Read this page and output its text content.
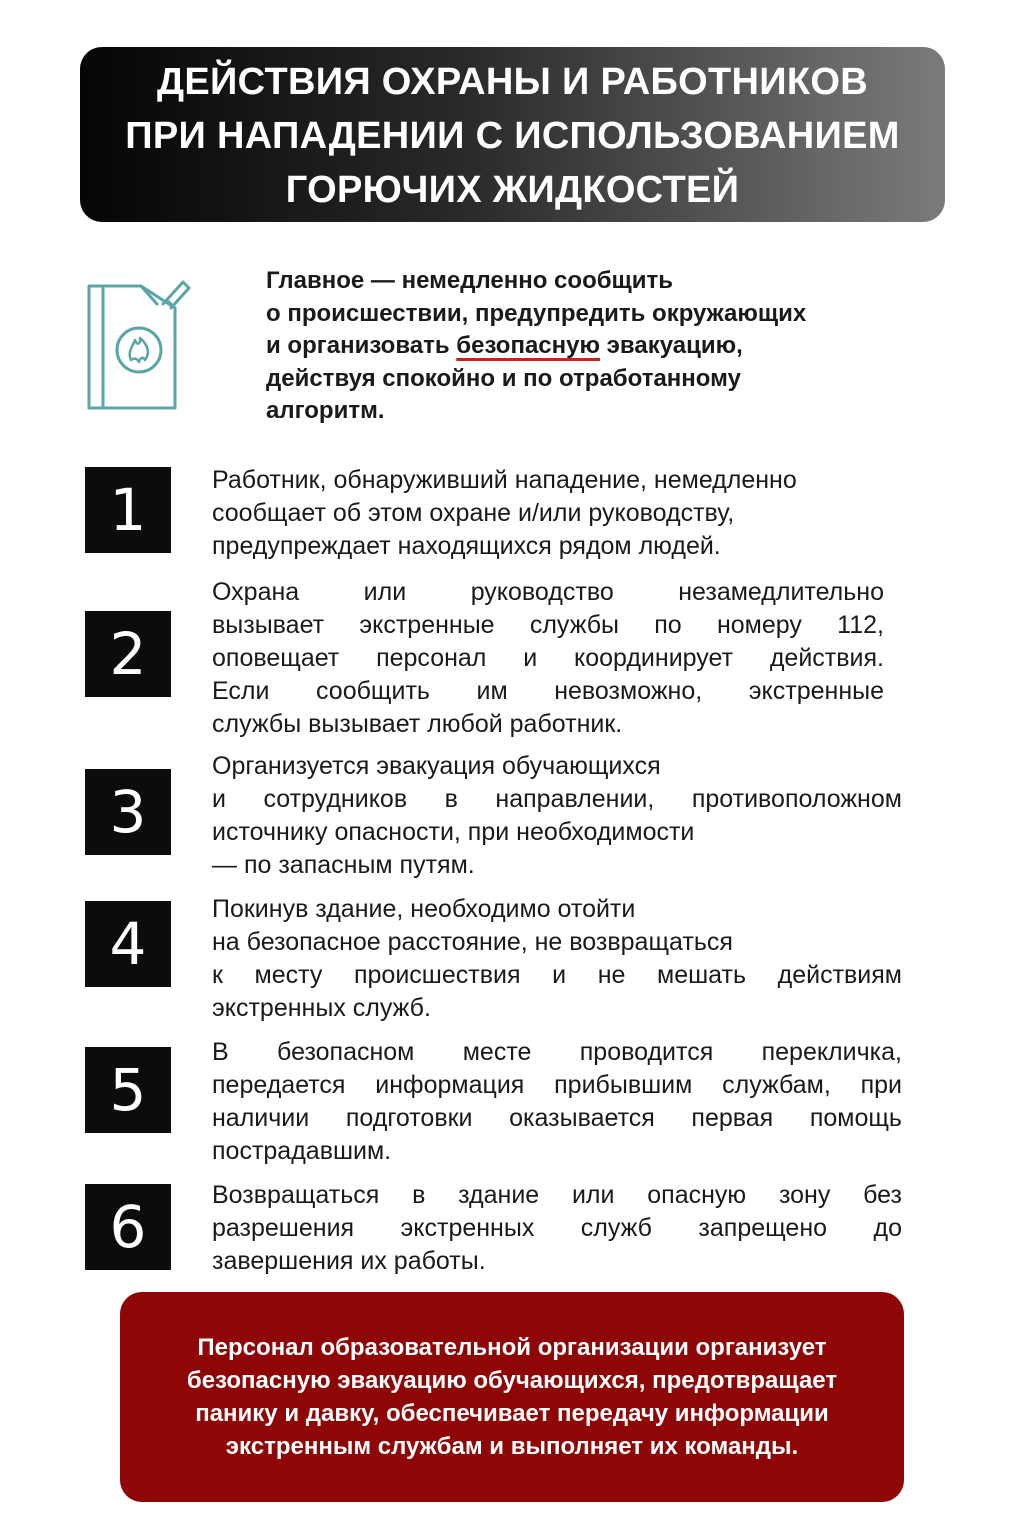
ДЕЙСТВИЯ ОХРАНЫ И РАБОТНИКОВ
ПРИ НАПАДЕНИИ С ИСПОЛЬЗОВАНИЕМ
ГОРЮЧИХ ЖИДКОСТЕЙ
Главное — немедленно сообщить
о происшествии, предупредить окружающих
и организовать безопасную эвакуацию,
действуя спокойно и по отработанному
алгоритм.
1	Работник, обнаруживший нападение, немедленно
сообщает об этом охране и/или руководству,
предупреждает находящихся рядом людей.
2
Охрана	или	руководство	незамедлительно
вызывает экстренные службы по номеру 112,
оповещает персонал и координирует действия.
Если сообщить им невозможно, экстренные
службы вызывает любой работник.
3
Организуется эвакуация обучающихся
и сотрудников в направлении, противоположном
источнику опасности, при необходимости
— по запасным путям.
4
Покинув здание, необходимо отойти
на безопасное расстояние, не возвращаться
к месту происшествия и не мешать действиям
экстренных служб.
5
В безопасном месте проводится перекличка,
передается информация прибывшим службам, при
наличии подготовки оказывается первая помощь
пострадавшим.
6	Возвращаться в здание или опасную зону без
разрешения экстренных служб запрещено до
завершения их работы.
Персонал образовательной организации организует
безопасную эвакуацию обучающихся, предотвращает
панику и давку, обеспечивает передачу информации
экстренным службам и выполняет их команды.
